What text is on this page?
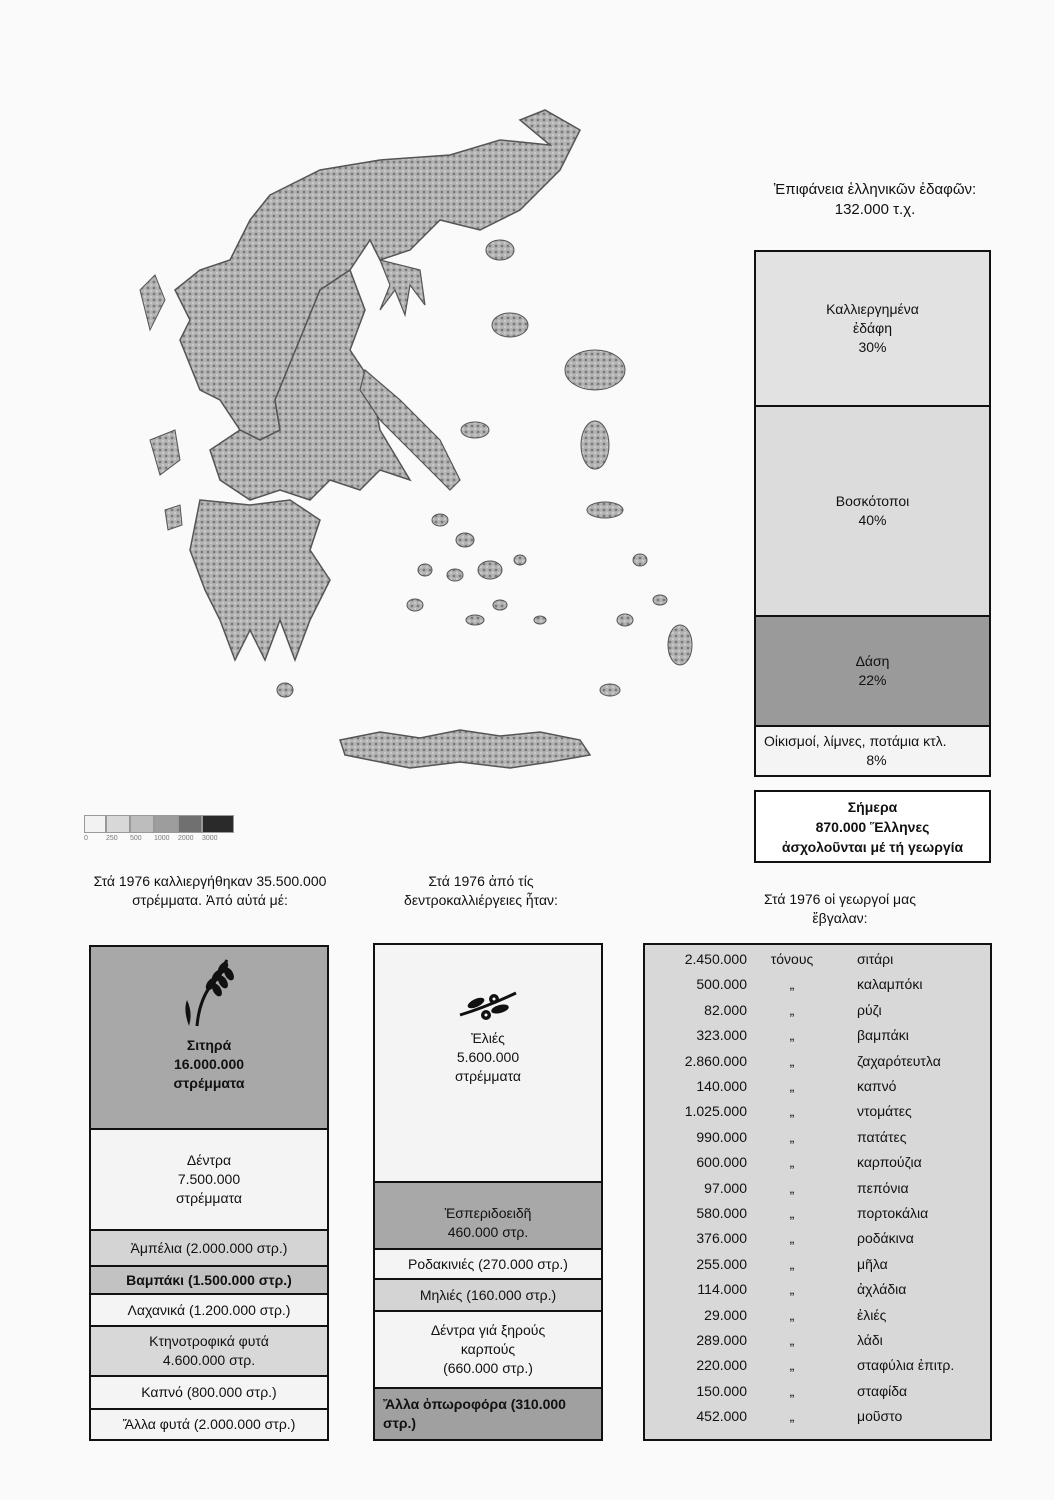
0	250	500	1000	2000	3000
Ἐπιφάνεια ἑλληνικῶν ἐδαφῶν:
132.000 τ.χ.
Καλλιεργημένα ἐδάφη
30%
Βοσκότοποι
40%
Δάση
22%
Οἰκισμοί, λίμνες, ποτάμια κτλ.
8%
Σήμερα
870.000 Ἕλληνες
ἀσχολοῦνται μέ τή γεωργία
Στά 1976 καλλιεργήθηκαν 35.500.000 στρέμματα. Ἀπό αὐτά μέ:
Σιτηρά
16.000.000
στρέμματα
Δέντρα
7.500.000
στρέμματα
Ἀμπέλια (2.000.000 στρ.)
Βαμπάκι (1.500.000 στρ.)
Λαχανικά (1.200.000 στρ.)
Κτηνοτροφικά φυτά
4.600.000 στρ.
Καπνό (800.000 στρ.)
Ἄλλα φυτά (2.000.000 στρ.)
Στά 1976 ἀπό τίς δεντροκαλλιέργειες ἦταν:
Ἐλιές
5.600.000
στρέμματα
Ἐσπεριδοειδῆ
460.000 στρ.
Ροδακινιές (270.000 στρ.)
Μηλιές (160.000 στρ.)
Δέντρα γιά ξηρούς καρπούς
(660.000 στρ.)
Ἄλλα ὀπωροφόρα (310.000 στρ.)
Στά 1976 οἱ γεωργοί μας ἔβγαλαν:
2.450.000	τόνους	σιτάρι
500.000	„	καλαμπόκι
82.000	„	ρύζι
323.000	„	βαμπάκι
2.860.000	„	ζαχαρότευτλα
140.000	„	καπνό
1.025.000	„	ντομάτες
990.000	„	πατάτες
600.000	„	καρπούζια
97.000	„	πεπόνια
580.000	„	πορτοκάλια
376.000	„	ροδάκινα
255.000	„	μῆλα
114.000	„	ἀχλάδια
29.000	„	ἐλιές
289.000	„	λάδι
220.000	„	σταφύλια ἐπιτρ.
150.000	„	σταφίδα
452.000	„	μοῦστο
